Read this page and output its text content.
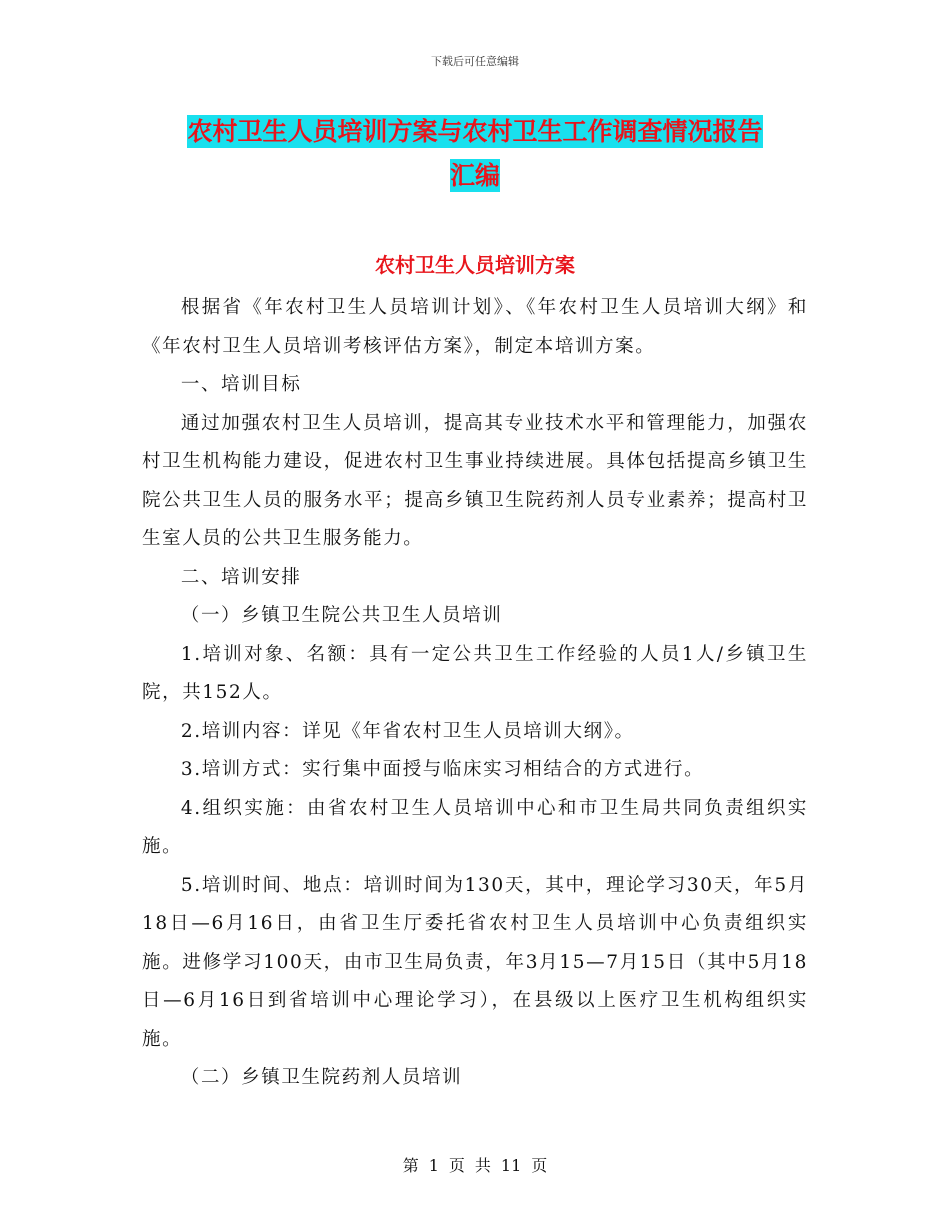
下载后可任意编辑
农村卫生人员培训方案与农村卫生工作调查情况报告
汇编
农村卫生人员培训方案

根据省《年农村卫生人员培训计划》、《年农村卫生人员培训大纲》和《年农村卫生人员培训考核评估方案》，制定本培训方案。

一、培训目标

通过加强农村卫生人员培训，提高其专业技术水平和管理能力，加强农村卫生机构能力建设，促进农村卫生事业持续进展。具体包括提高乡镇卫生院公共卫生人员的服务水平；提高乡镇卫生院药剂人员专业素养；提高村卫生室人员的公共卫生服务能力。

二、培训安排

（一）乡镇卫生院公共卫生人员培训

1.培训对象、名额：具有一定公共卫生工作经验的人员1人/乡镇卫生院，共152人。

2.培训内容：详见《年省农村卫生人员培训大纲》。

3.培训方式：实行集中面授与临床实习相结合的方式进行。

4.组织实施：由省农村卫生人员培训中心和市卫生局共同负责组织实施。

5.培训时间、地点：培训时间为130天，其中，理论学习30天，年5月18日—6月16日，由省卫生厅委托省农村卫生人员培训中心负责组织实施。进修学习100天，由市卫生局负责，年3月15—7月15日（其中5月18日—6月16日到省培训中心理论学习），在县级以上医疗卫生机构组织实施。

（二）乡镇卫生院药剂人员培训

第 1 页 共 11 页
